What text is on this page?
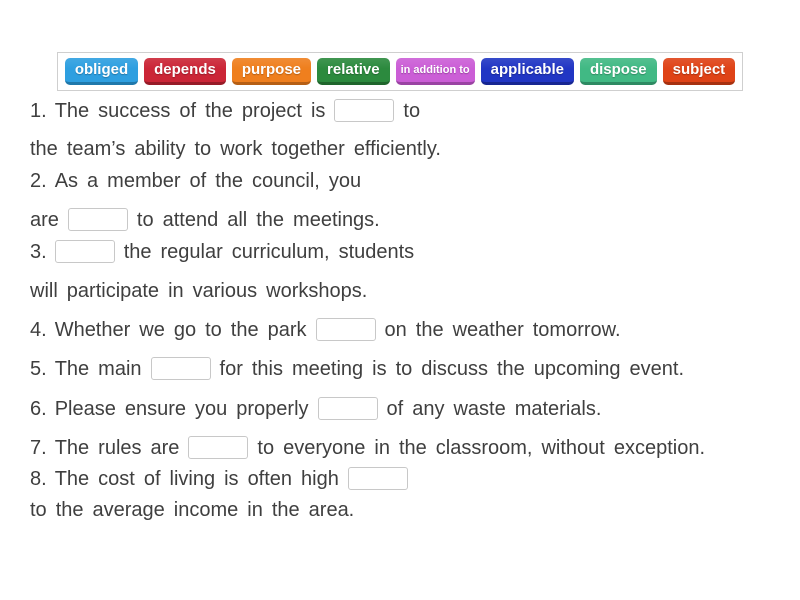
obliged	depends	purpose	relative	in addition to	applicable	dispose	subject
1. The success of the project is	to
the team’s ability to work together efficiently.
2. As a member of the council, you
are	to attend all the meetings.
3.	the regular curriculum, students
will participate in various workshops.
4. Whether we go to the park	on the weather tomorrow.
5. The main	for this meeting is to discuss the upcoming event.
6. Please ensure you properly	of any waste materials.
7. The rules are	to everyone in the classroom, without exception.
8. The cost of living is often high
to the average income in the area.
